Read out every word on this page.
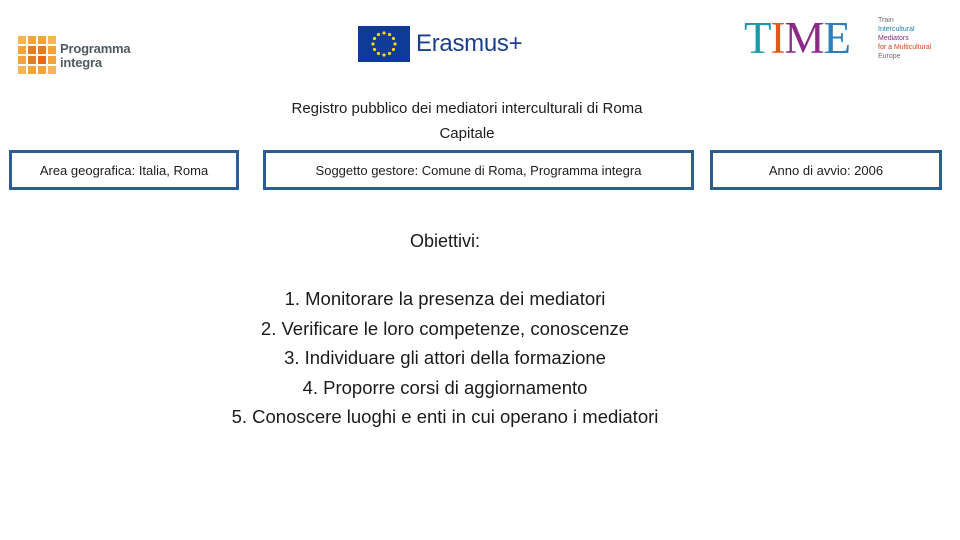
Programma
integra
Erasmus+	TIME	Train
Intercultural
Mediators
for a Multicultural
Europe
Registro pubblico dei mediatori interculturali di Roma
Capitale
Area geografica: Italia, Roma	Soggetto gestore: Comune di Roma, Programma integra	Anno di avvio: 2006
Obiettivi:
1. Monitorare la presenza dei mediatori
2. Verificare le loro competenze, conoscenze
3. Individuare gli attori della formazione
4. Proporre corsi di aggiornamento
5. Conoscere luoghi e enti in cui operano i mediatori
